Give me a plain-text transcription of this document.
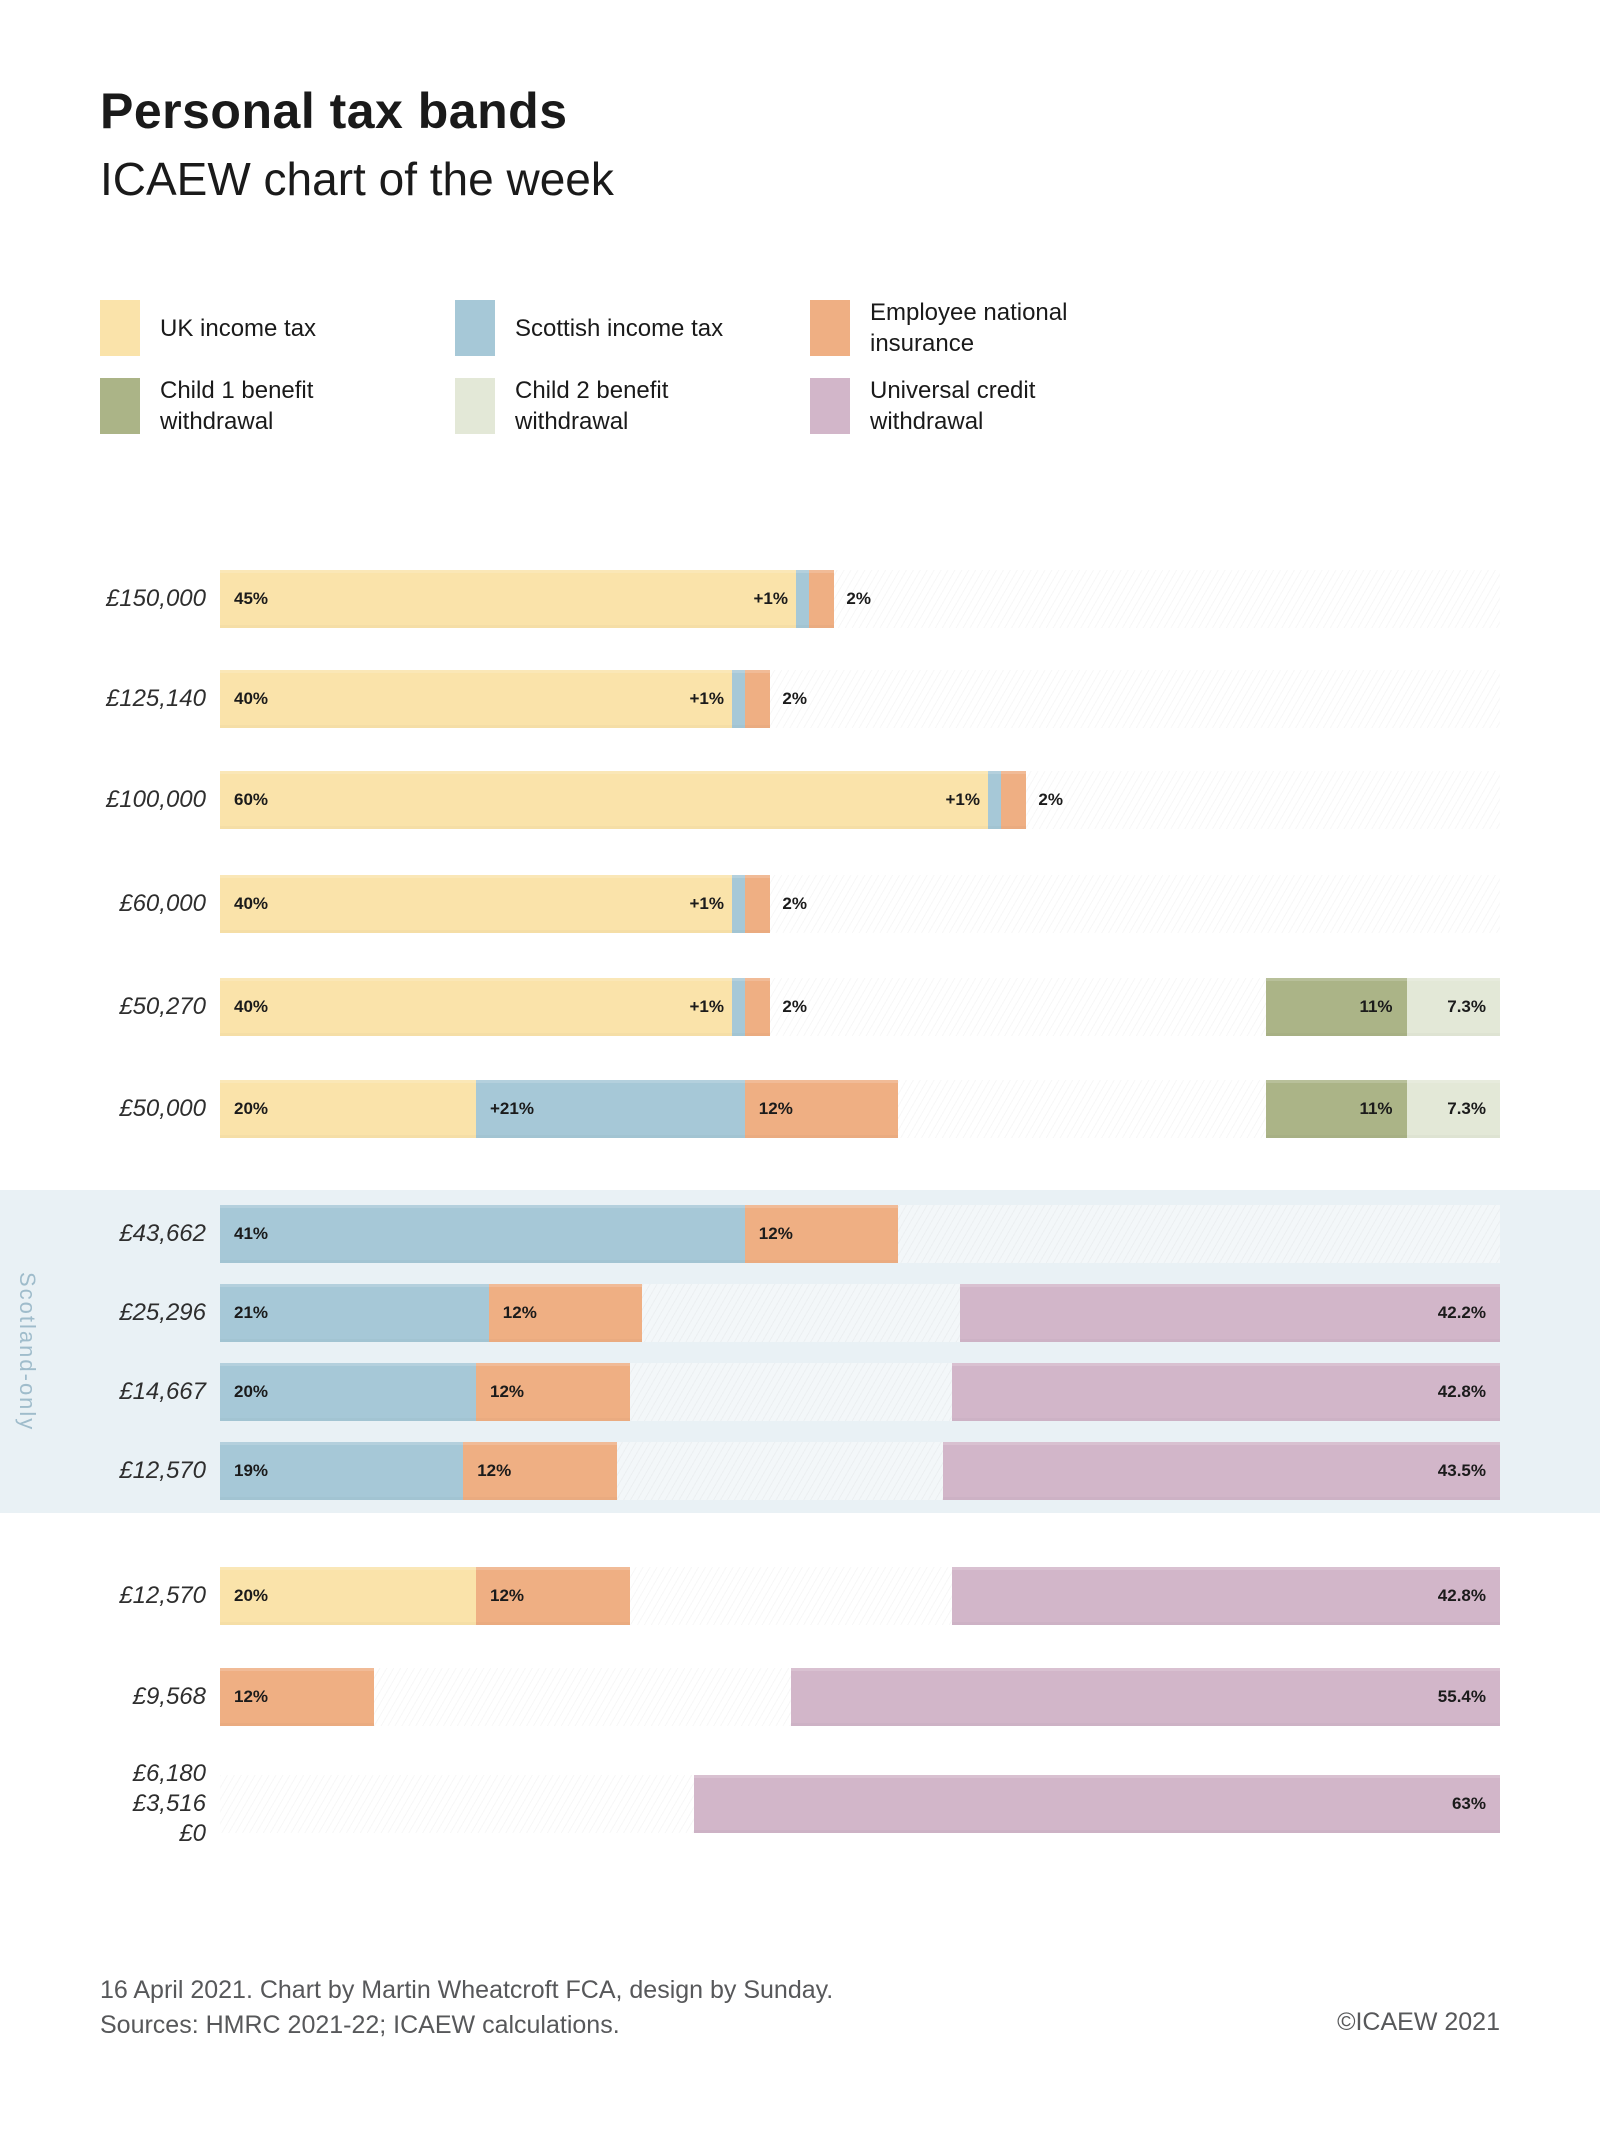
Personal tax bands
ICAEW chart of the week
UK income tax	Scottish income tax
Employee national insurance
Child 1 benefit withdrawal
Child 2 benefit withdrawal
Universal credit withdrawal
Scotland-only
£150,000 45%	+1%	2%
£125,140 40%	+1%	2%
£100,000 60%	+1%	2%
£60,000 40%	+1%	2%
£50,270 40%	+1%	2%	11%	7.3%
£50,000 20%	+21%	12%	11%	7.3%
£43,662 41%	12%
£25,296 21%	12%	42.2%
£14,667 20%	12%	42.8%
£12,570 19%	12%	43.5%
£12,570 20%	12%	42.8%
£9,568 12%	55.4%
£6,180
£3,516
£0
63%
16 April 2021. Chart by Martin Wheatcroft FCA, design by Sunday.
Sources: HMRC 2021-22; ICAEW calculations.	©ICAEW 2021
